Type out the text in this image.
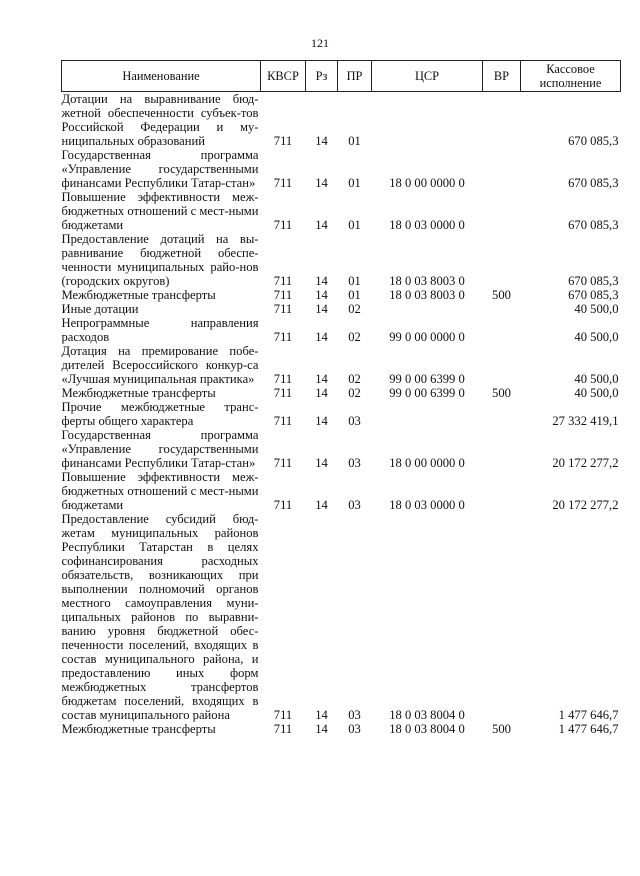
121
Наименование	КВСР	Рз	ПР	ЦСР	ВР	Кассовое исполнение
Дотации на выравнивание бюд-жетной обеспеченности субъек-тов Российской Федерации и му-ниципальных образований	711	14	01			670 085,3
Государственная программа «Управление государственными финансами Республики Татар-стан»	711	14	01	18 0 00 0000 0		670 085,3
Повышение эффективности меж-бюджетных отношений с мест-ными бюджетами	711	14	01	18 0 03 0000 0		670 085,3
Предоставление дотаций на вы-равнивание бюджетной обеспе-ченности муниципальных райо-нов (городских округов)	711	14	01	18 0 03 8003 0		670 085,3
Межбюджетные трансферты	711	14	01	18 0 03 8003 0	500	670 085,3
Иные дотации	711	14	02			40 500,0
Непрограммные направления расходов	711	14	02	99 0 00 0000 0		40 500,0
Дотация на премирование побе-дителей Всероссийского конкур-са «Лучшая муниципальная практика»	711	14	02	99 0 00 6399 0		40 500,0
Межбюджетные трансферты	711	14	02	99 0 00 6399 0	500	40 500,0
Прочие межбюджетные транс-ферты общего характера	711	14	03			27 332 419,1
Государственная программа «Управление государственными финансами Республики Татар-стан»	711	14	03	18 0 00 0000 0		20 172 277,2
Повышение эффективности меж-бюджетных отношений с мест-ными бюджетами	711	14	03	18 0 03 0000 0		20 172 277,2
Предоставление субсидий бюд-жетам муниципальных районов Республики Татарстан в целях софинансирования расходных обязательств, возникающих при выполнении полномочий органов местного самоуправления муни-ципальных районов по выравни-ванию уровня бюджетной обес-печенности поселений, входящих в состав муниципального района, и предоставлению иных форм межбюджетных трансфертов бюджетам поселений, входящих в состав муниципального района	711	14	03	18 0 03 8004 0		1 477 646,7
Межбюджетные трансферты	711	14	03	18 0 03 8004 0	500	1 477 646,7
